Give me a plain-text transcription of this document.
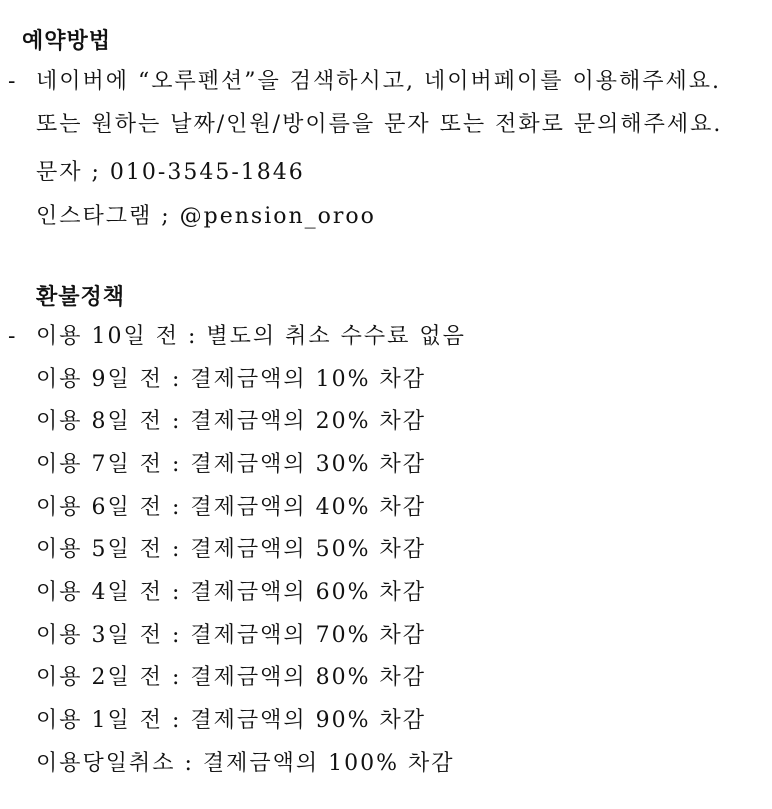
예약방법
- 네이버에 “오루펜션”을 검색하시고, 네이버페이를 이용해주세요.
또는 원하는 날짜/인원/방이름을 문자 또는 전화로 문의해주세요.
문자 ; 010-3545-1846
인스타그램 ; @pension_oroo
환불정책
- 이용 10일 전 : 별도의 취소 수수료 없음
이용 9일 전 : 결제금액의 10% 차감
이용 8일 전 : 결제금액의 20% 차감
이용 7일 전 : 결제금액의 30% 차감
이용 6일 전 : 결제금액의 40% 차감
이용 5일 전 : 결제금액의 50% 차감
이용 4일 전 : 결제금액의 60% 차감
이용 3일 전 : 결제금액의 70% 차감
이용 2일 전 : 결제금액의 80% 차감
이용 1일 전 : 결제금액의 90% 차감
이용당일취소 : 결제금액의 100% 차감
